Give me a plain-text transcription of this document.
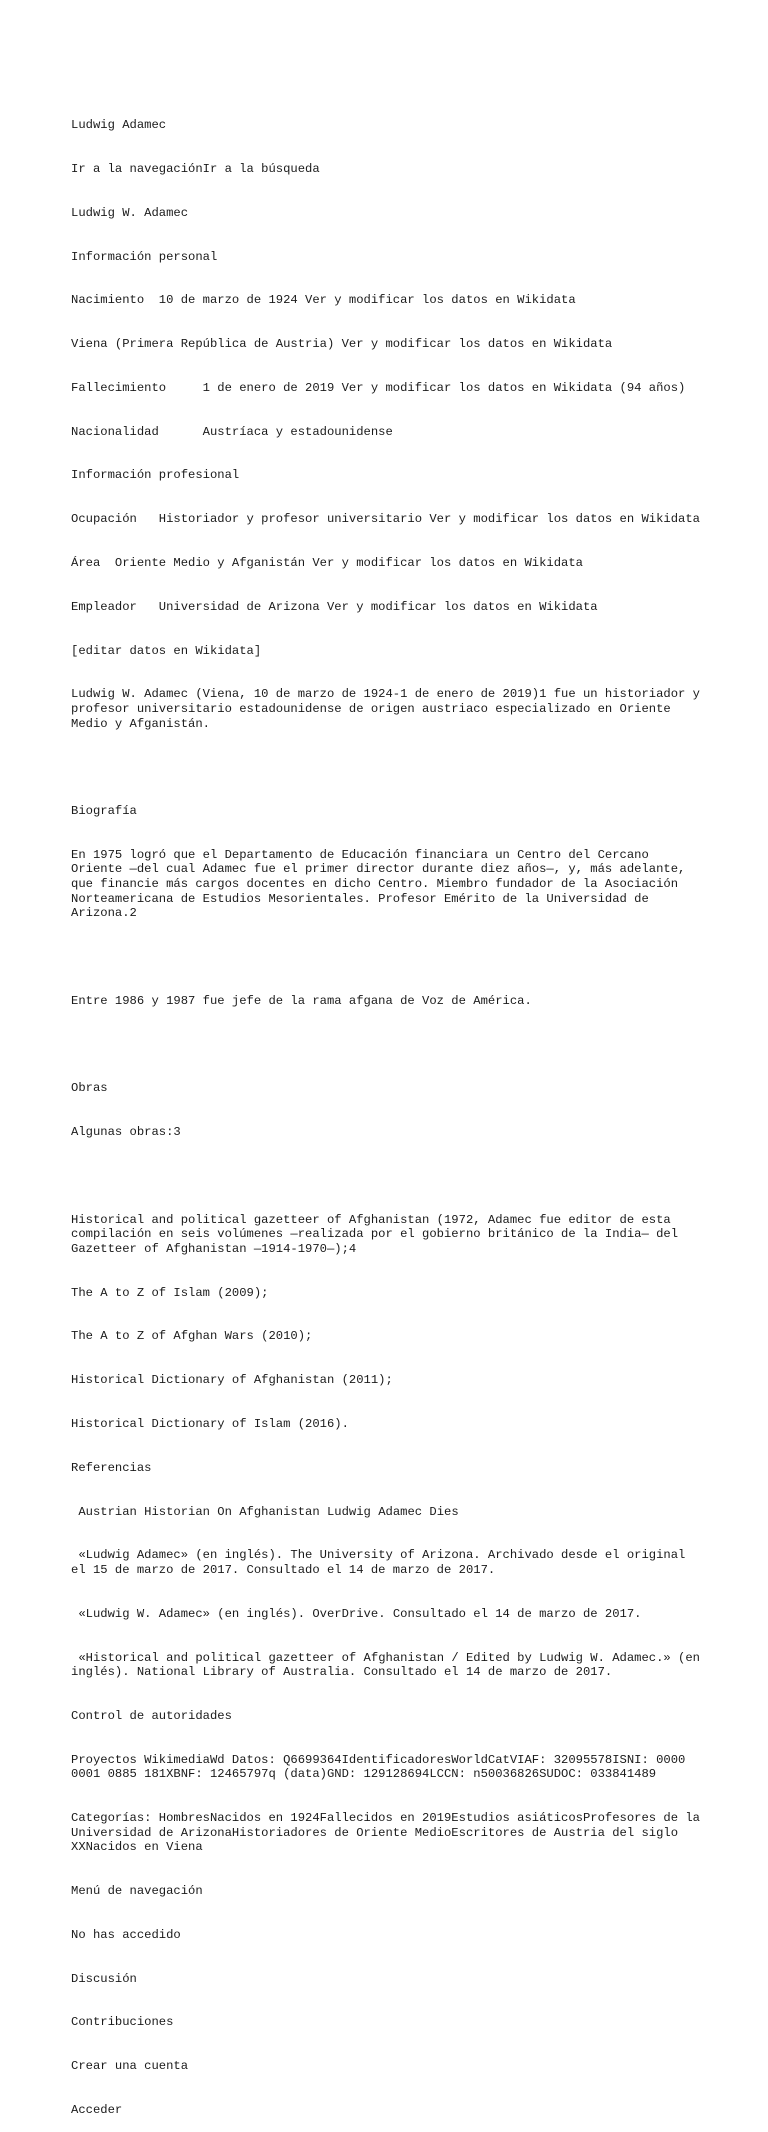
Ludwig Adamec

Ir a la navegaciónIr a la búsqueda

Ludwig W. Adamec

Información personal

Nacimiento  10 de marzo de 1924 Ver y modificar los datos en Wikidata

Viena (Primera República de Austria) Ver y modificar los datos en Wikidata

Fallecimiento     1 de enero de 2019 Ver y modificar los datos en Wikidata (94 años)

Nacionalidad      Austríaca y estadounidense

Información profesional

Ocupación   Historiador y profesor universitario Ver y modificar los datos en Wikidata

Área  Oriente Medio y Afganistán Ver y modificar los datos en Wikidata

Empleador   Universidad de Arizona Ver y modificar los datos en Wikidata

[editar datos en Wikidata]

Ludwig W. Adamec (Viena, 10 de marzo de 1924-1 de enero de 2019)1 fue un historiador y profesor universitario estadounidense de origen austriaco especializado en Oriente Medio y Afganistán.

Biografía

En 1975 logró que el Departamento de Educación financiara un Centro del Cercano Oriente —del cual Adamec fue el primer director durante diez años—, y, más adelante, que financie más cargos docentes en dicho Centro. Miembro fundador de la Asociación Norteamericana de Estudios Mesorientales. Profesor Emérito de la Universidad de Arizona.2

Entre 1986 y 1987 fue jefe de la rama afgana de Voz de América.

Obras

Algunas obras:3

Historical and political gazetteer of Afghanistan (1972, Adamec fue editor de esta compilación en seis volúmenes —realizada por el gobierno británico de la India— del Gazetteer of Afghanistan —1914-1970—);4

The A to Z of Islam (2009);

The A to Z of Afghan Wars (2010);

Historical Dictionary of Afghanistan (2011);

Historical Dictionary of Islam (2016).

Referencias

Austrian Historian On Afghanistan Ludwig Adamec Dies

«Ludwig Adamec» (en inglés). The University of Arizona. Archivado desde el original el 15 de marzo de 2017. Consultado el 14 de marzo de 2017.

«Ludwig W. Adamec» (en inglés). OverDrive. Consultado el 14 de marzo de 2017.

«Historical and political gazetteer of Afghanistan / Edited by Ludwig W. Adamec.» (en inglés). National Library of Australia. Consultado el 14 de marzo de 2017.

Control de autoridades

Proyectos WikimediaWd Datos: Q6699364IdentificadoresWorldCatVIAF: 32095578ISNI: 0000 0001 0885 181XBNF: 12465797q (data)GND: 129128694LCCN: n50036826SUDOC: 033841489

Categorías: HombresNacidos en 1924Fallecidos en 2019Estudios asiáticosProfesores de la Universidad de ArizonaHistoriadores de Oriente MedioEscritores de Austria del siglo XXNacidos en Viena

Menú de navegación

No has accedido

Discusión

Contribuciones

Crear una cuenta

Acceder
